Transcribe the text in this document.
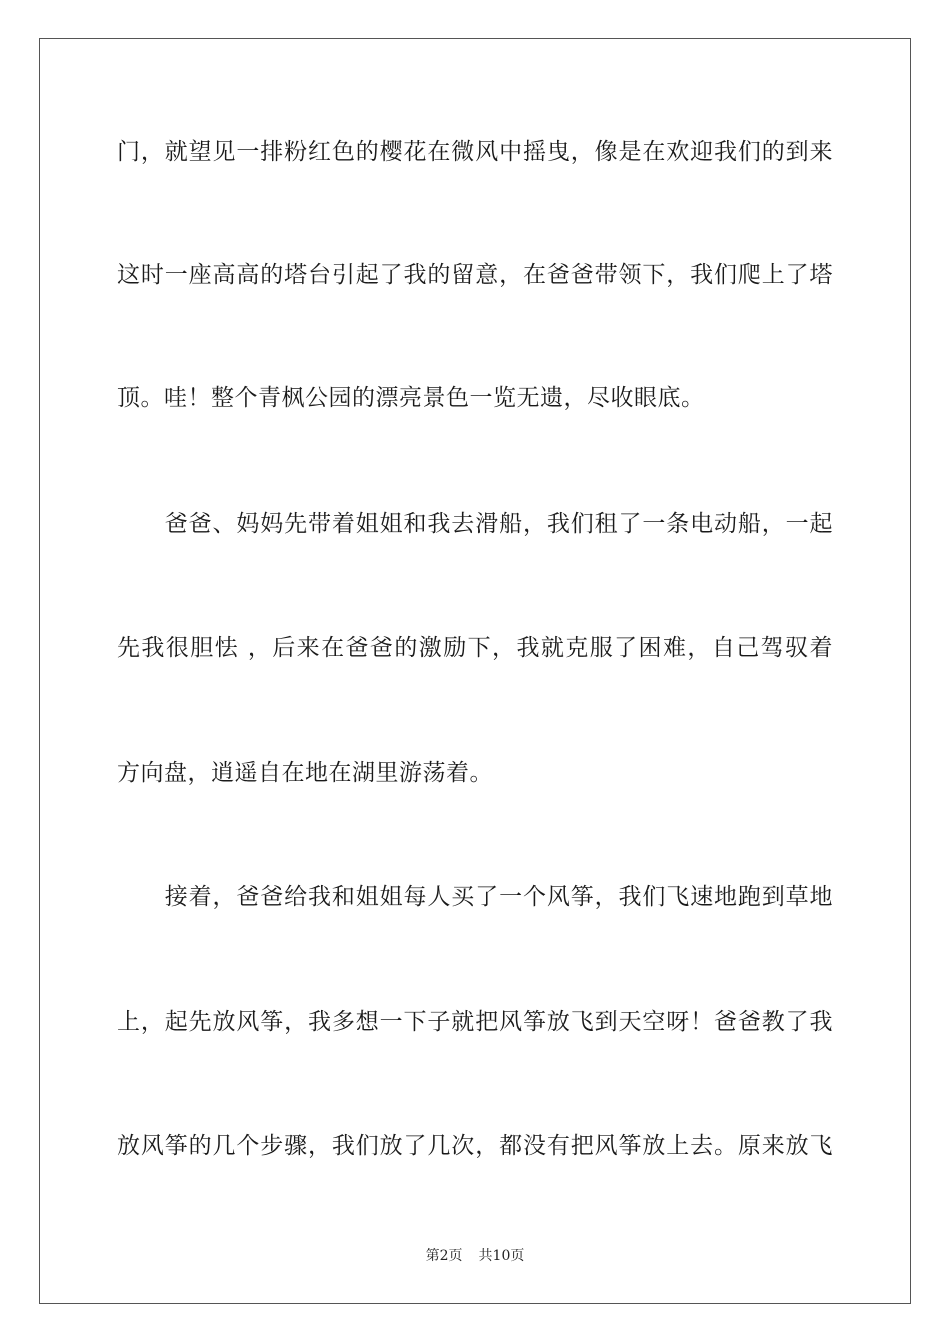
门，就望见一排粉红色的樱花在微风中摇曳，像是在欢迎我们的到来
这时一座高高的塔台引起了我的留意，在爸爸带领下，我们爬上了塔
顶。哇！整个青枫公园的漂亮景色一览无遗，尽收眼底。
　　爸爸、妈妈先带着姐姐和我去滑船，我们租了一条电动船，一起
先我很胆怯 ，后来在爸爸的激励下，我就克服了困难，自己驾驭着
方向盘，逍遥自在地在湖里游荡着。
　　接着，爸爸给我和姐姐每人买了一个风筝，我们飞速地跑到草地
上，起先放风筝，我多想一下子就把风筝放飞到天空呀！爸爸教了我
放风筝的几个步骤，我们放了几次，都没有把风筝放上去。原来放飞
第2页 共10页
